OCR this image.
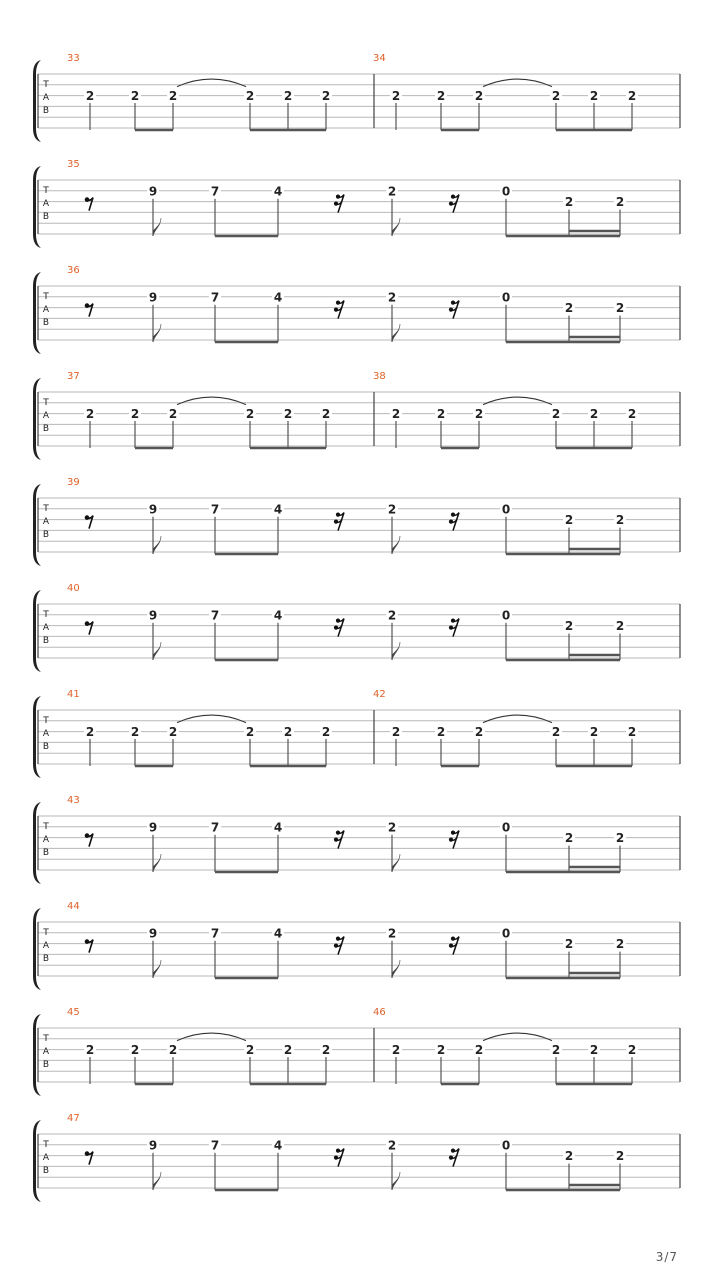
T
A
B
33	34
2	2 2	2 2 2	2	2 2	2 2 2
T
A
B
35
9	7	4	2	0
2	2
T
A
B
36
9	7	4	2	0
2	2
T
A
B
37	38
2	2 2	2 2 2	2	2 2	2 2 2
T
A
B
39
9	7	4	2	0
2	2
T
A
B
40
9	7	4	2	0
2	2
T
A
B
41	42
2	2 2	2 2 2	2	2 2	2 2 2
T
A
B
43
9	7	4	2	0
2	2
T
A
B
44
9	7	4	2	0
2	2
T
A
B
45	46
2	2 2	2 2 2	2	2 2	2 2 2
T
A
B
47
9	7	4	2	0
2	2
3/7
